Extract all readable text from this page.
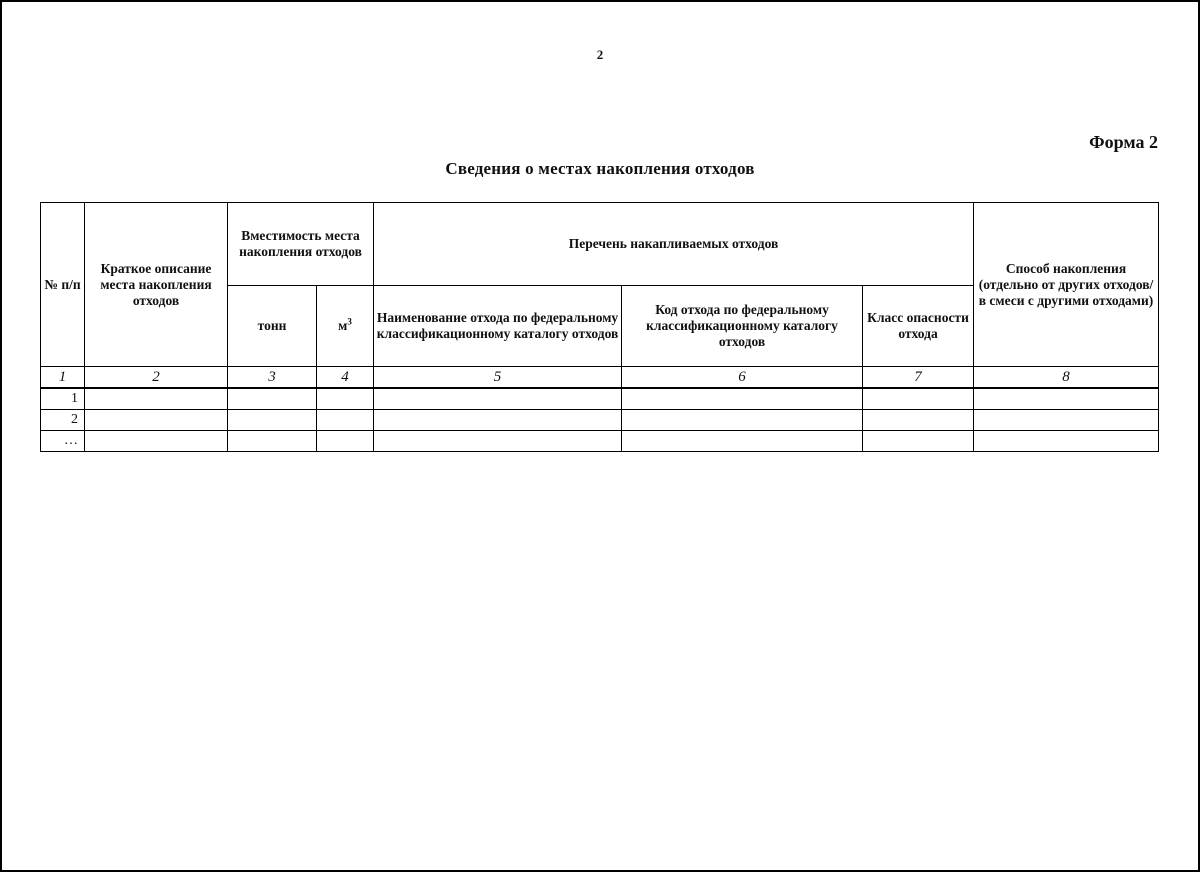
2
Форма 2
Сведения о местах накопления отходов
№ п/п	Краткое описание места накопления отходов	Вместимость места накопления отходов		Перечень накапливаемых отходов			Способ накопления (отдельно от других отходов/в смеси с другими отходами)
		тонн	$м^3$	Наименование отхода по федеральному классификационному каталогу отходов	Код отхода по федеральному классификационному каталогу отходов	Класс опасности отхода	
1	2	3	4	5	6	7	8
1							
2							
…							
